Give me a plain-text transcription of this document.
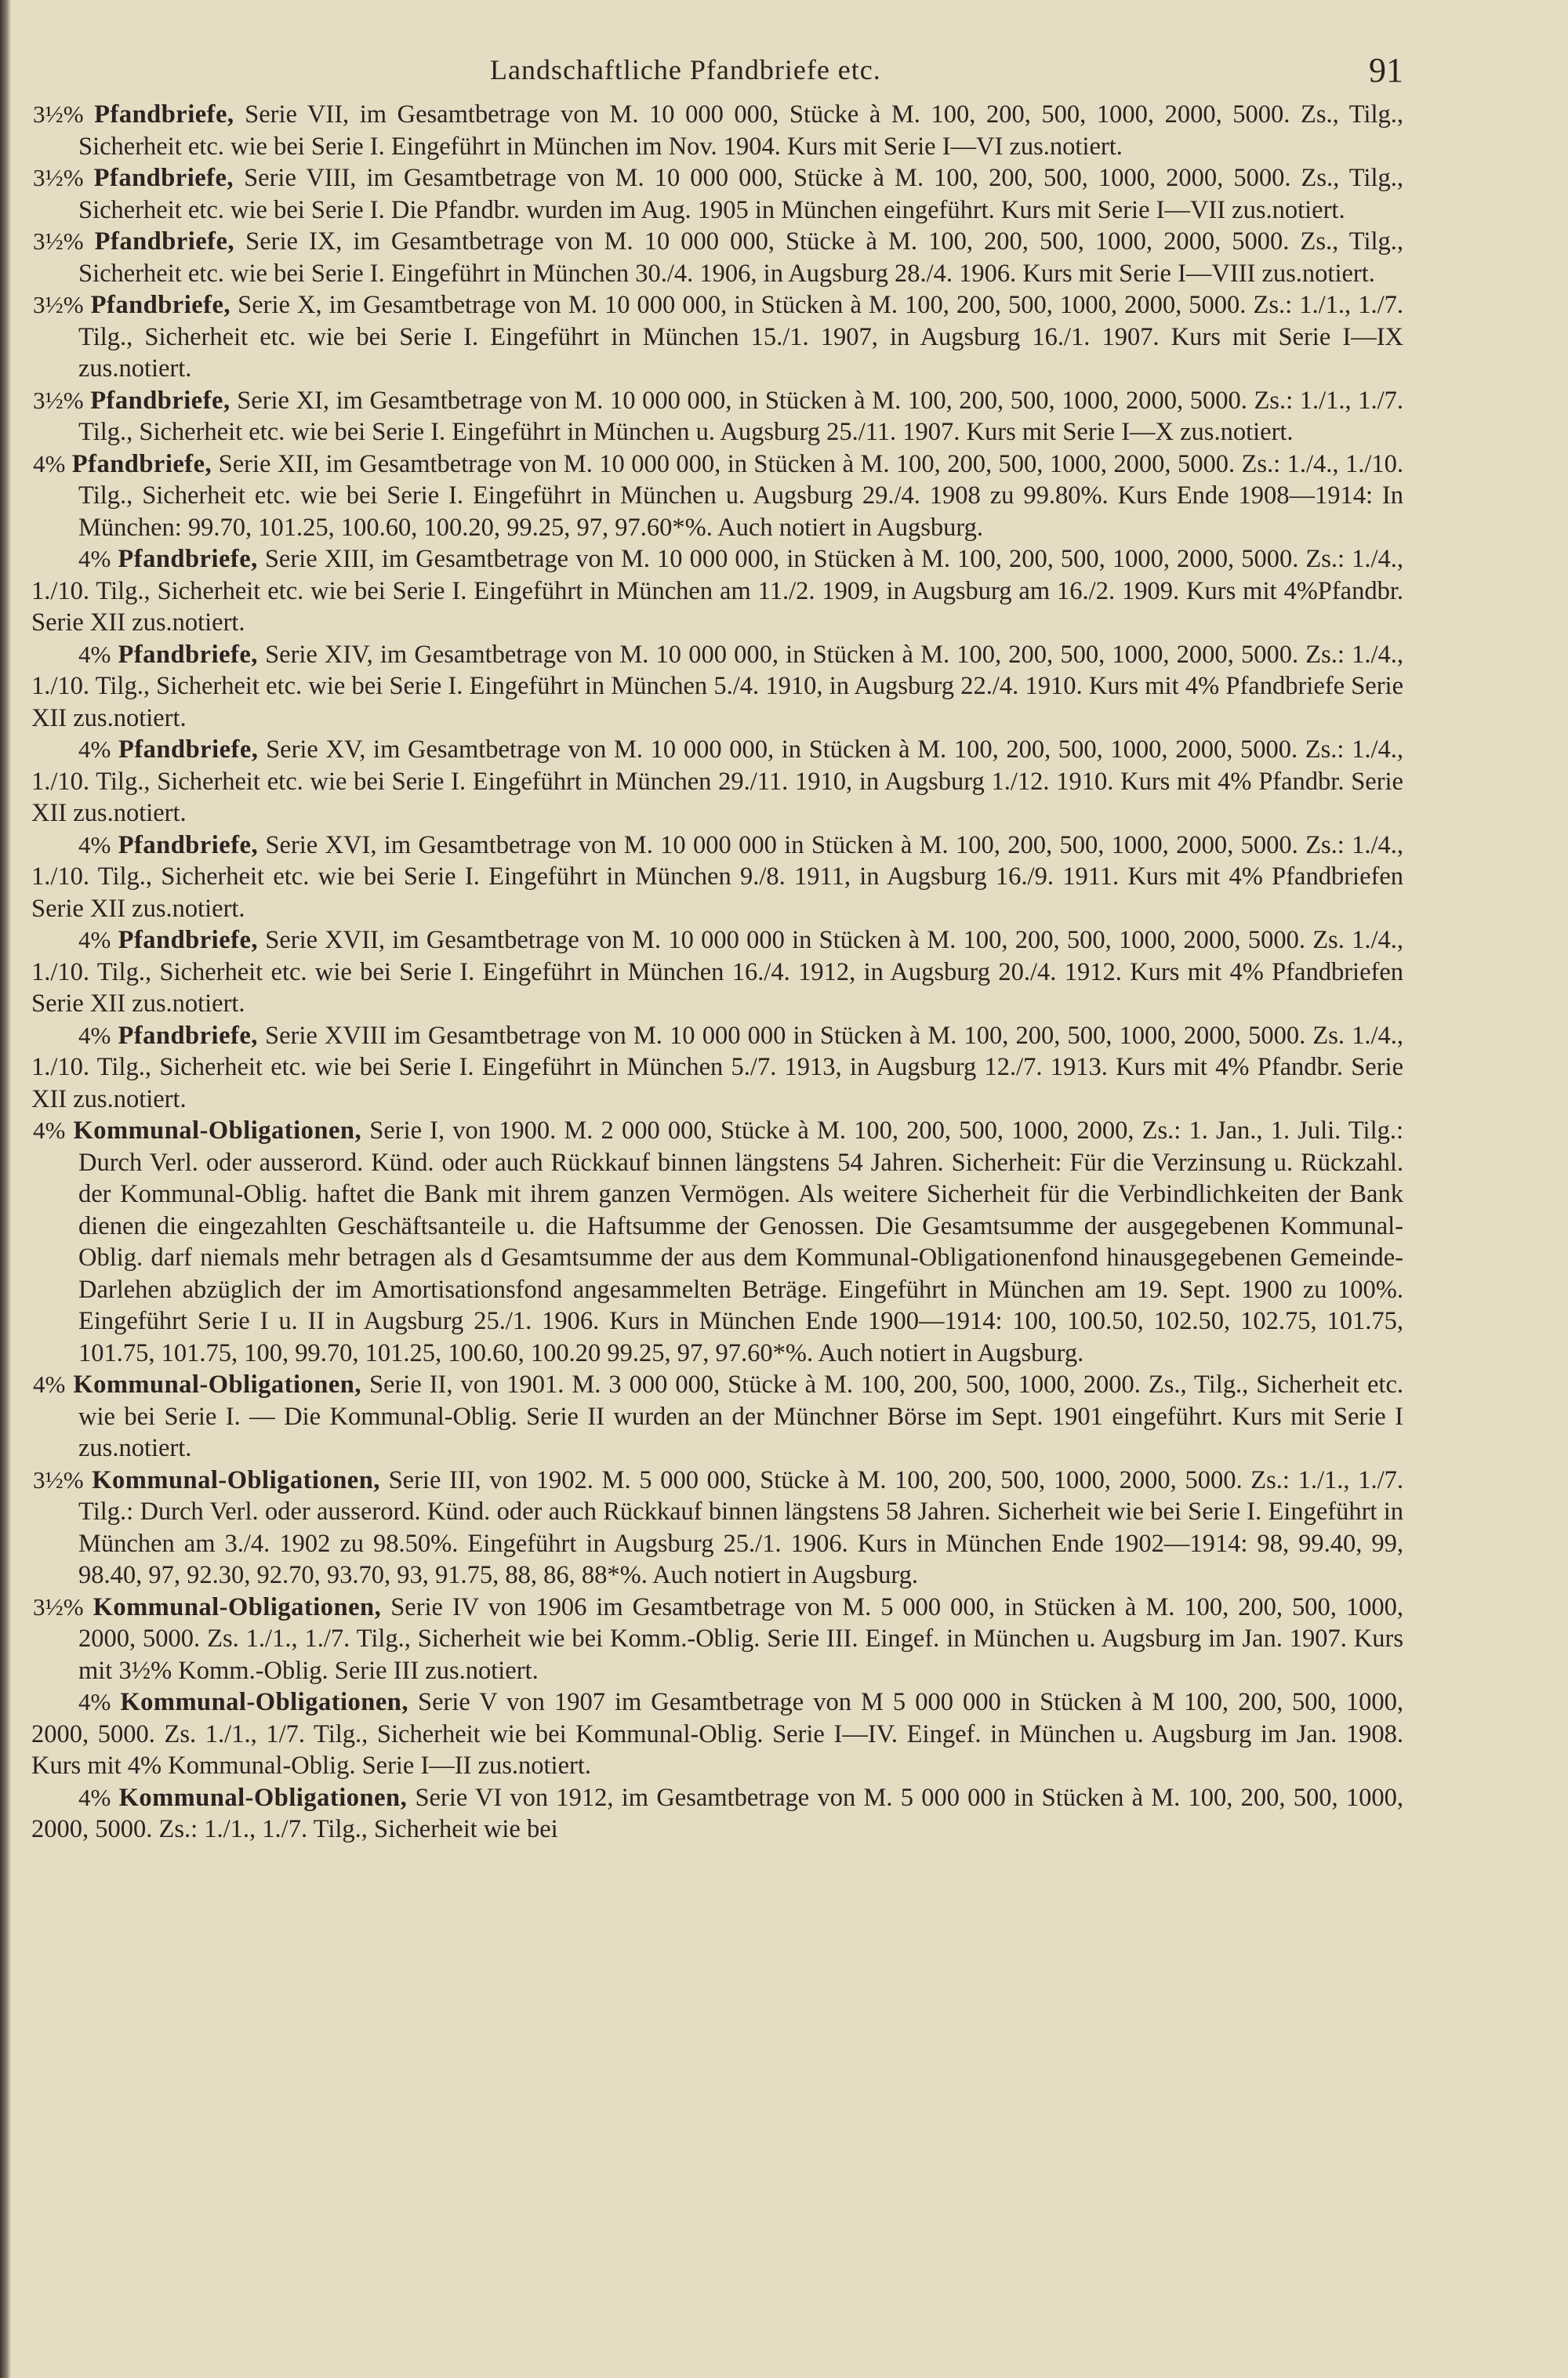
Landschaftliche Pfandbriefe etc.	91

3½% Pfandbriefe, Serie VII, im Gesamtbetrage von M. 10 000 000, Stücke à M. 100, 200, 500, 1000, 2000, 5000. Zs., Tilg., Sicherheit etc. wie bei Serie I. Eingeführt in München im Nov. 1904. Kurs mit Serie I—VI zus.notiert.

3½% Pfandbriefe, Serie VIII, im Gesamtbetrage von M. 10 000 000, Stücke à M. 100, 200, 500, 1000, 2000, 5000. Zs., Tilg., Sicherheit etc. wie bei Serie I. Die Pfandbr. wurden im Aug. 1905 in München eingeführt. Kurs mit Serie I—VII zus.notiert.

3½% Pfandbriefe, Serie IX, im Gesamtbetrage von M. 10 000 000, Stücke à M. 100, 200, 500, 1000, 2000, 5000. Zs., Tilg., Sicherheit etc. wie bei Serie I. Eingeführt in München 30./4. 1906, in Augsburg 28./4. 1906. Kurs mit Serie I—VIII zus.notiert.

3½% Pfandbriefe, Serie X, im Gesamtbetrage von M. 10 000 000, in Stücken à M. 100, 200, 500, 1000, 2000, 5000. Zs.: 1./1., 1./7. Tilg., Sicherheit etc. wie bei Serie I. Eingeführt in München 15./1. 1907, in Augsburg 16./1. 1907. Kurs mit Serie I—IX zus.notiert.

3½% Pfandbriefe, Serie XI, im Gesamtbetrage von M. 10 000 000, in Stücken à M. 100, 200, 500, 1000, 2000, 5000. Zs.: 1./1., 1./7. Tilg., Sicherheit etc. wie bei Serie I. Eingeführt in München u. Augsburg 25./11. 1907. Kurs mit Serie I—X zus.notiert.

4% Pfandbriefe, Serie XII, im Gesamtbetrage von M. 10 000 000, in Stücken à M. 100, 200, 500, 1000, 2000, 5000. Zs.: 1./4., 1./10. Tilg., Sicherheit etc. wie bei Serie I. Eingeführt in München u. Augsburg 29./4. 1908 zu 99.80%. Kurs Ende 1908—1914: In München: 99.70, 101.25, 100.60, 100.20, 99.25, 97, 97.60*%. Auch notiert in Augsburg.

4% Pfandbriefe, Serie XIII, im Gesamtbetrage von M. 10 000 000, in Stücken à M. 100, 200, 500, 1000, 2000, 5000. Zs.: 1./4., 1./10. Tilg., Sicherheit etc. wie bei Serie I. Eingeführt in München am 11./2. 1909, in Augsburg am 16./2. 1909. Kurs mit 4%Pfandbr. Serie XII zus.notiert.

4% Pfandbriefe, Serie XIV, im Gesamtbetrage von M. 10 000 000, in Stücken à M. 100, 200, 500, 1000, 2000, 5000. Zs.: 1./4., 1./10. Tilg., Sicherheit etc. wie bei Serie I. Eingeführt in München 5./4. 1910, in Augsburg 22./4. 1910. Kurs mit 4% Pfandbriefe Serie XII zus.notiert.

4% Pfandbriefe, Serie XV, im Gesamtbetrage von M. 10 000 000, in Stücken à M. 100, 200, 500, 1000, 2000, 5000. Zs.: 1./4., 1./10. Tilg., Sicherheit etc. wie bei Serie I. Eingeführt in München 29./11. 1910, in Augsburg 1./12. 1910. Kurs mit 4% Pfandbr. Serie XII zus.notiert.

4% Pfandbriefe, Serie XVI, im Gesamtbetrage von M. 10 000 000 in Stücken à M. 100, 200, 500, 1000, 2000, 5000. Zs.: 1./4., 1./10. Tilg., Sicherheit etc. wie bei Serie I. Eingeführt in München 9./8. 1911, in Augsburg 16./9. 1911. Kurs mit 4% Pfandbriefen Serie XII zus.notiert.

4% Pfandbriefe, Serie XVII, im Gesamtbetrage von M. 10 000 000 in Stücken à M. 100, 200, 500, 1000, 2000, 5000. Zs. 1./4., 1./10. Tilg., Sicherheit etc. wie bei Serie I. Eingeführt in München 16./4. 1912, in Augsburg 20./4. 1912. Kurs mit 4% Pfandbriefen Serie XII zus.notiert.

4% Pfandbriefe, Serie XVIII im Gesamtbetrage von M. 10 000 000 in Stücken à M. 100, 200, 500, 1000, 2000, 5000. Zs. 1./4., 1./10. Tilg., Sicherheit etc. wie bei Serie I. Eingeführt in München 5./7. 1913, in Augsburg 12./7. 1913. Kurs mit 4% Pfandbr. Serie XII zus.notiert.

4% Kommunal-Obligationen, Serie I, von 1900. M. 2 000 000, Stücke à M. 100, 200, 500, 1000, 2000, Zs.: 1. Jan., 1. Juli. Tilg.: Durch Verl. oder ausserord. Künd. oder auch Rückkauf binnen längstens 54 Jahren. Sicherheit: Für die Verzinsung u. Rückzahl. der Kommunal-Oblig. haftet die Bank mit ihrem ganzen Vermögen. Als weitere Sicherheit für die Verbindlichkeiten der Bank dienen die eingezahlten Geschäftsanteile u. die Haftsumme der Genossen. Die Gesamtsumme der ausgegebenen Kommunal-Oblig. darf niemals mehr betragen als d Gesamtsumme der aus dem Kommunal-Obligationenfond hinausgegebenen Gemeinde-Darlehen abzüglich der im Amortisationsfond angesammelten Beträge. Eingeführt in München am 19. Sept. 1900 zu 100%. Eingeführt Serie I u. II in Augsburg 25./1. 1906. Kurs in München Ende 1900—1914: 100, 100.50, 102.50, 102.75, 101.75, 101.75, 101.75, 100, 99.70, 101.25, 100.60, 100.20 99.25, 97, 97.60*%. Auch notiert in Augsburg.

4% Kommunal-Obligationen, Serie II, von 1901. M. 3 000 000, Stücke à M. 100, 200, 500, 1000, 2000. Zs., Tilg., Sicherheit etc. wie bei Serie I. — Die Kommunal-Oblig. Serie II wurden an der Münchner Börse im Sept. 1901 eingeführt. Kurs mit Serie I zus.notiert.

3½% Kommunal-Obligationen, Serie III, von 1902. M. 5 000 000, Stücke à M. 100, 200, 500, 1000, 2000, 5000. Zs.: 1./1., 1./7. Tilg.: Durch Verl. oder ausserord. Künd. oder auch Rückkauf binnen längstens 58 Jahren. Sicherheit wie bei Serie I. Eingeführt in München am 3./4. 1902 zu 98.50%. Eingeführt in Augsburg 25./1. 1906. Kurs in München Ende 1902—1914: 98, 99.40, 99, 98.40, 97, 92.30, 92.70, 93.70, 93, 91.75, 88, 86, 88*%. Auch notiert in Augsburg.

3½% Kommunal-Obligationen, Serie IV von 1906 im Gesamtbetrage von M. 5 000 000, in Stücken à M. 100, 200, 500, 1000, 2000, 5000. Zs. 1./1., 1./7. Tilg., Sicherheit wie bei Komm.-Oblig. Serie III. Eingef. in München u. Augsburg im Jan. 1907. Kurs mit 3½% Komm.-Oblig. Serie III zus.notiert.

4% Kommunal-Obligationen, Serie V von 1907 im Gesamtbetrage von M 5 000 000 in Stücken à M 100, 200, 500, 1000, 2000, 5000. Zs. 1./1., 1/7. Tilg., Sicherheit wie bei Kommunal-Oblig. Serie I—IV. Eingef. in München u. Augsburg im Jan. 1908. Kurs mit 4% Kommunal-Oblig. Serie I—II zus.notiert.

4% Kommunal-Obligationen, Serie VI von 1912, im Gesamtbetrage von M. 5 000 000 in Stücken à M. 100, 200, 500, 1000, 2000, 5000. Zs.: 1./1., 1./7. Tilg., Sicherheit wie bei
